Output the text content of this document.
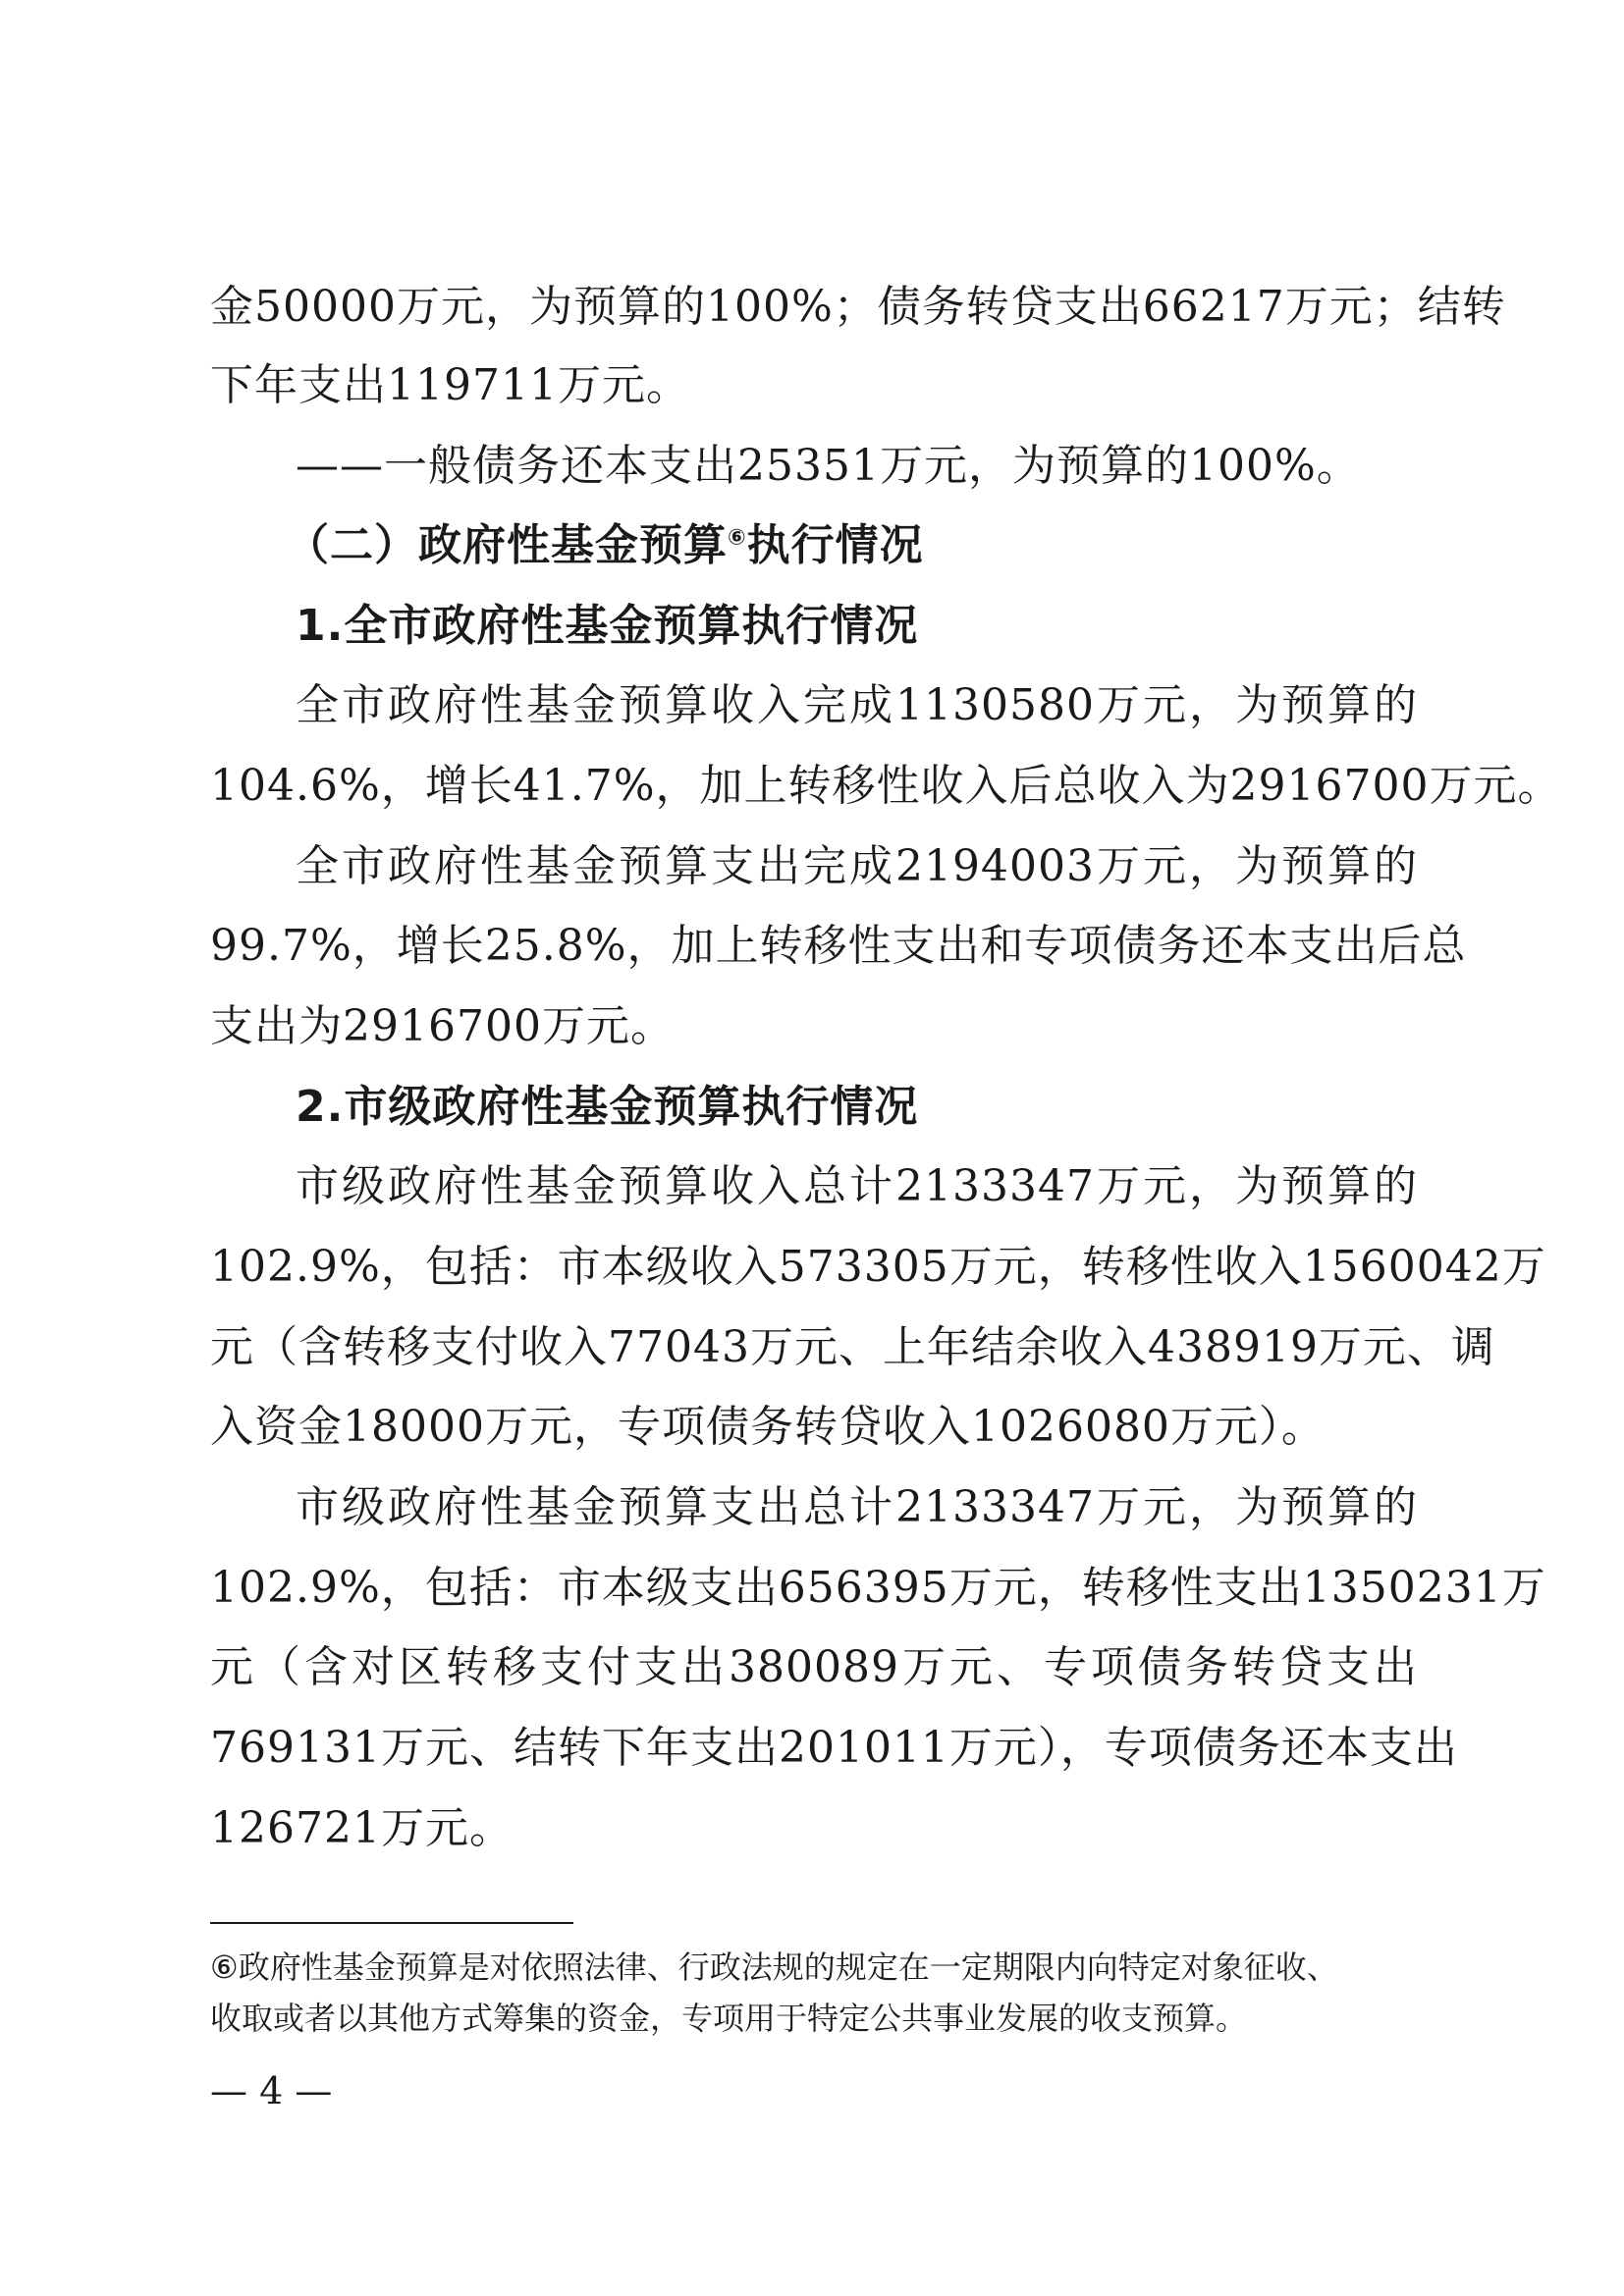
金50000万元，为预算的100%；债务转贷支出66217万元；结转
下年支出119711万元。
——一般债务还本支出25351万元，为预算的100%。
（二）政府性基金预算⑥执行情况
1.全市政府性基金预算执行情况
全市政府性基金预算收入完成1130580万元，为预算的
104.6%，增长41.7%，加上转移性收入后总收入为2916700万元。
全市政府性基金预算支出完成2194003万元，为预算的
99.7%，增长25.8%，加上转移性支出和专项债务还本支出后总
支出为2916700万元。
2.市级政府性基金预算执行情况
市级政府性基金预算收入总计2133347万元，为预算的
102.9%，包括：市本级收入573305万元，转移性收入1560042万
元（含转移支付收入77043万元、上年结余收入438919万元、调
入资金18000万元，专项债务转贷收入1026080万元）。
市级政府性基金预算支出总计2133347万元，为预算的
102.9%，包括：市本级支出656395万元，转移性支出1350231万
元（含对区转移支付支出380089万元、专项债务转贷支出
769131万元、结转下年支出201011万元），专项债务还本支出
126721万元。
⑥政府性基金预算是对依照法律、行政法规的规定在一定期限内向特定对象征收、
收取或者以其他方式筹集的资金，专项用于特定公共事业发展的收支预算。
— 4 —
